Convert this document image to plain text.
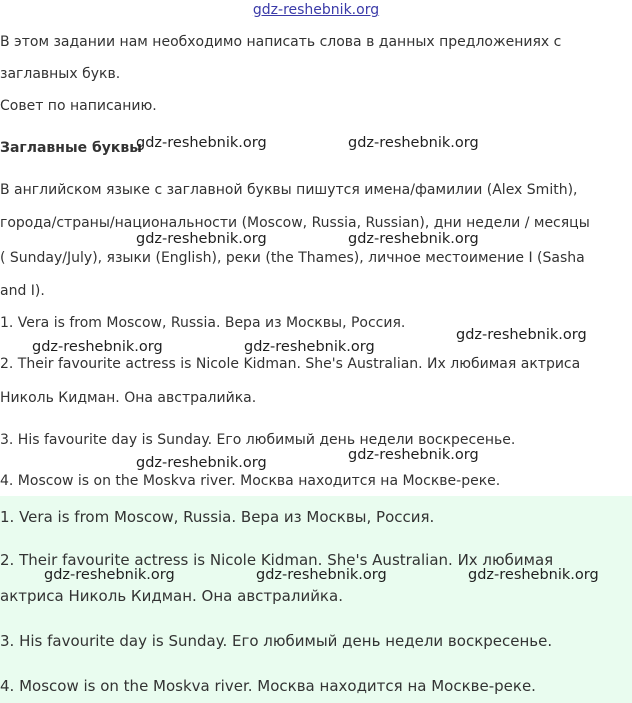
gdz-reshebnik.org
В этом задании нам необходимо написать слова в данных предложениях с
заглавных букв.
Совет по написанию.
Заглавные буквы
В английском языке с заглавной буквы пишутся имена/фамилии (Alex Smith),
города/страны/национальности (Moscow, Russia, Russian), дни недели / месяцы
( Sunday/July), языки (English), реки (the Thames), личное местоимение I (Sasha
and I).
1. Vera is from Moscow, Russia. Вера из Москвы, Россия.
2. Their favourite actress is Nicole Kidman. She's Australian. Их любимая актриса
Николь Кидман. Она австралийка.
3. His favourite day is Sunday. Его любимый день недели воскресенье.
4. Moscow is on the Moskva river. Москва находится на Москве-реке.
1. Vera is from Moscow, Russia. Вера из Москвы, Россия.
2. Their favourite actress is Nicole Kidman. She's Australian. Их любимая
актриса Николь Кидман. Она австралийка.
3. His favourite day is Sunday. Его любимый день недели воскресенье.
4. Moscow is on the Moskva river. Москва находится на Москве-реке.
gdz-reshebnik.org	gdz-reshebnik.org
gdz-reshebnik.org	gdz-reshebnik.org
gdz-reshebnik.org
gdz-reshebnik.org	gdz-reshebnik.org
gdz-reshebnik.org	gdz-reshebnik.org
gdz-reshebnik.org	gdz-reshebnik.org	gdz-reshebnik.org
